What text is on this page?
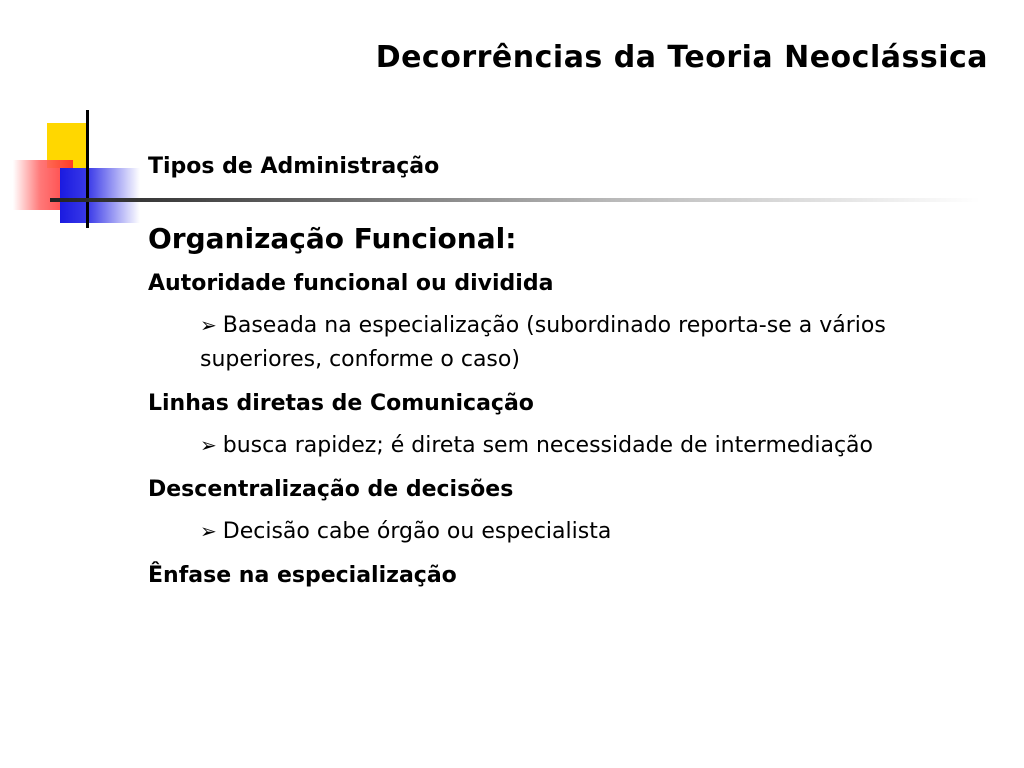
Decorrências da Teoria Neoclássica
Tipos de Administração
Organização Funcional:
Autoridade funcional ou dividida
➢ Baseada na especialização (subordinado reporta-se a vários superiores, conforme o caso)
Linhas diretas de Comunicação
➢ busca rapidez; é direta sem necessidade de intermediação
Descentralização de decisões
➢ Decisão cabe órgão ou especialista
Ênfase na especialização
